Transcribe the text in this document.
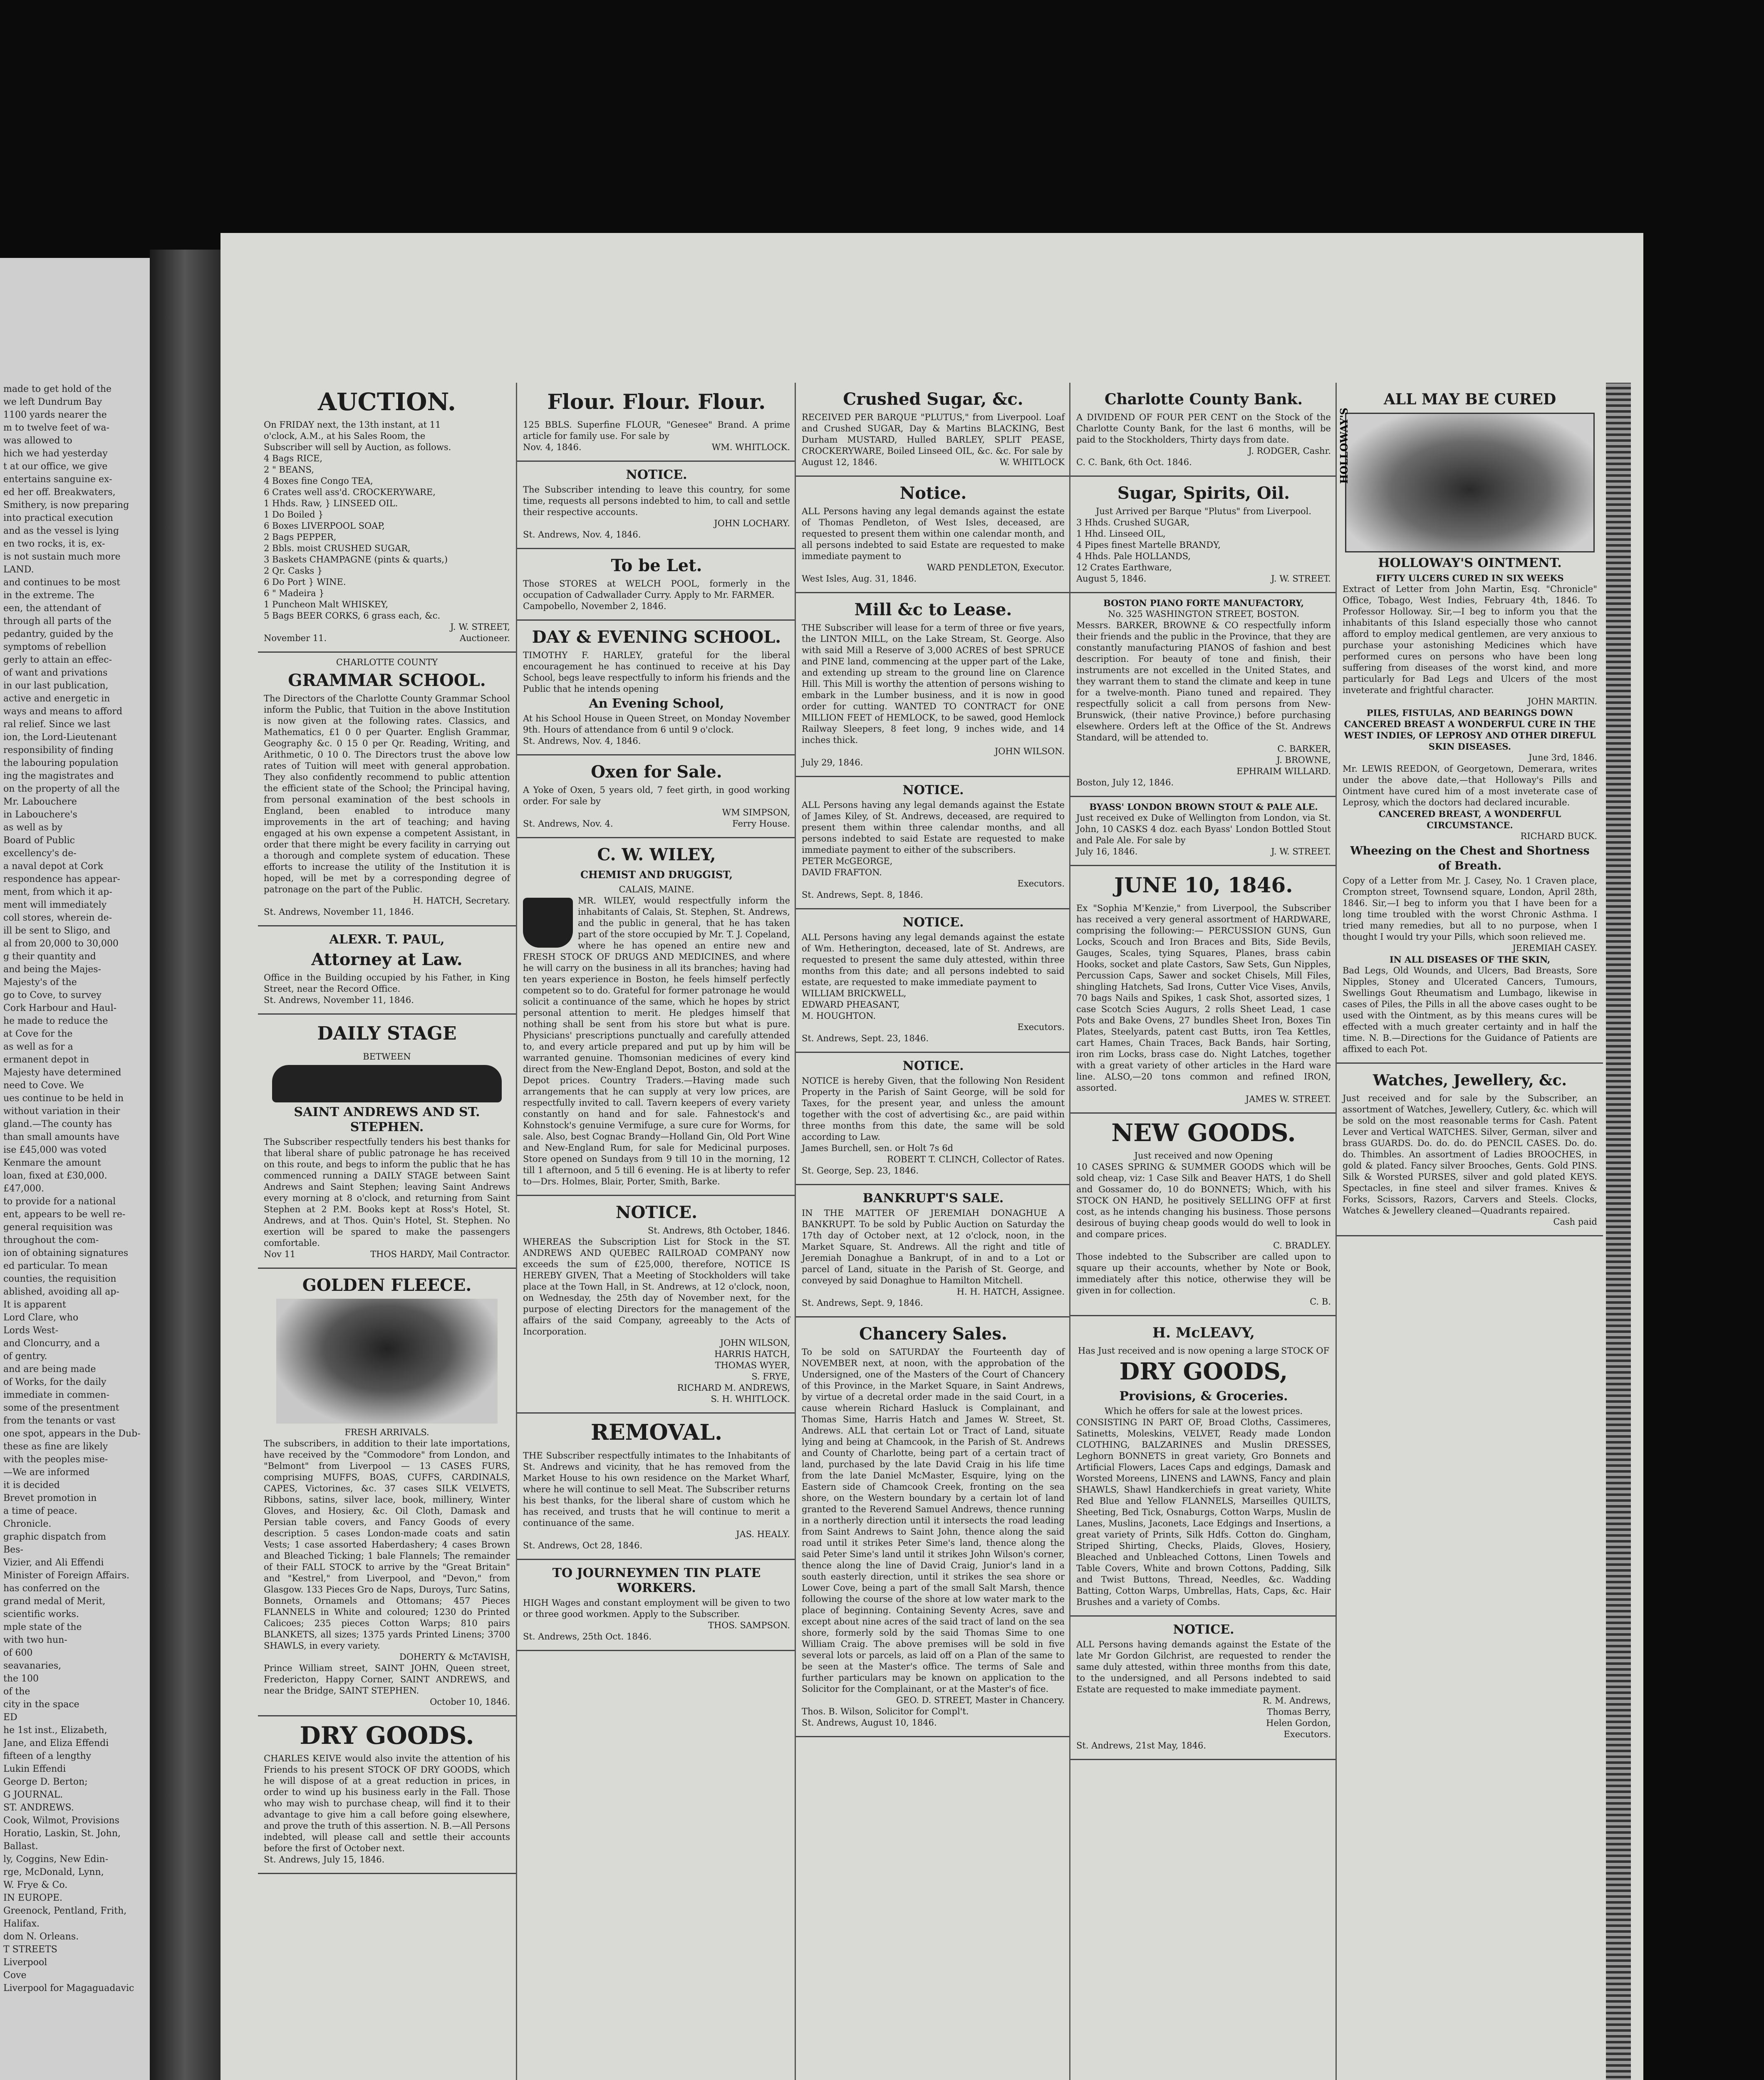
made to get hold of the
we left Dundrum Bay
1100 yards nearer the
m to twelve feet of wa-
was allowed to
hich we had yesterday
t at our office, we give
entertains sanguine ex-
ed her off. Breakwaters,
Smithery, is now preparing
into practical execution
and as the vessel is lying
en two rocks, it is, ex-
is not sustain much more
LAND.
and continues to be most
in the extreme. The
een, the attendant of
through all parts of the
pedantry, guided by the
symptoms of rebellion
gerly to attain an effec-
of want and privations
in our last publication,
active and energetic in
ways and means to afford
ral relief. Since we last
ion, the Lord-Lieutenant
responsibility of finding
the labouring population
ing the magistrates and
on the property of all the
Mr. Labouchere
in Labouchere's
as well as by
Board of Public
excellency's de-
a naval depot at Cork
respondence has appear-
ment, from which it ap-
ment will immediately
coll stores, wherein de-
ill be sent to Sligo, and
al from 20,000 to 30,000
g their quantity and
and being the Majes-
Majesty's of the
go to Cove, to survey
Cork Harbour and Haul-
he made to reduce the
at Cove for the
as well as for a
ermanent depot in
Majesty have determined
need to Cove. We
ues continue to be held in
without variation in their
gland.—The county has
than small amounts have
ise £45,000 was voted
Kenmare the amount
loan, fixed at £30,000.
£47,000.
to provide for a national
ent, appears to be well re-
general requisition was
throughout the com-
ion of obtaining signatures
ed particular. To mean
counties, the requisition
ablished, avoiding all ap-
It is apparent
Lord Clare, who
Lords West-
and Cloncurry, and a
of gentry.
and are being made
of Works, for the daily
immediate in commen-
some of the presentment
from the tenants or vast
one spot, appears in the Dub-
these as fine are likely
with the peoples mise-
—We are informed
it is decided
Brevet promotion in
a time of peace.
Chronicle.
graphic dispatch from
Bes-
Vizier, and Ali Effendi
Minister of Foreign Affairs.
has conferred on the
grand medal of Merit,
scientific works.
mple state of the
with two hun-
of 600
seavanaries,
the 100
of the
city in the space
ED
he 1st inst., Elizabeth,
Jane, and Eliza Effendi
fifteen of a lengthy
Lukin Effendi
George D. Berton;
G JOURNAL.
ST. ANDREWS.
Cook, Wilmot, Provisions
Horatio, Laskin, St. John,
Ballast.
ly, Coggins, New Edin-
rge, McDonald, Lynn,
W. Frye & Co.
IN EUROPE.
Greenock, Pentland, Frith,
Halifax.
dom N. Orleans.
T STREETS
Liverpool
Cove
Liverpool for Magaguadavic
AUCTION.
On FRIDAY next, the 13th instant, at 11
o'clock, A.M., at his Sales Room, the
Subscriber will sell by Auction, as follows.
4 Bags RICE,
2 " BEANS,
4 Boxes fine Congo TEA,
6 Crates well ass'd. CROCKERYWARE,
1 Hhds. Raw, } LINSEED OIL.
1 Do Boiled }
6 Boxes LIVERPOOL SOAP,
2 Bags PEPPER,
2 Bbls. moist CRUSHED SUGAR,
3 Baskets CHAMPAGNE (pints & quarts,)
2 Qr. Casks }
6 Do Port } WINE.
6 " Madeira }
1 Puncheon Malt WHISKEY,
5 Bags BEER CORKS, 6 grass each, &c.
J. W. STREET,
November 11.	Auctioneer.
CHARLOTTE COUNTY
GRAMMAR SCHOOL.
The Directors of the Charlotte County Grammar School inform the Public, that Tuition in the above Institution is now given at the following rates. Classics, and Mathematics, £1 0 0 per Quarter. English Grammar, Geography &c. 0 15 0 per Qr. Reading, Writing, and Arithmetic, 0 10 0. The Directors trust the above low rates of Tuition will meet with general approbation. They also confidently recommend to public attention the efficient state of the School; the Principal having, from personal examination of the best schools in England, been enabled to introduce many improvements in the art of teaching; and having engaged at his own expense a competent Assistant, in order that there might be every facility in carrying out a thorough and complete system of education. These efforts to increase the utility of the Institution it is hoped, will be met by a corresponding degree of patronage on the part of the Public.
H. HATCH, Secretary.
St. Andrews, November 11, 1846.
ALEXR. T. PAUL,
Attorney at Law.
Office in the Building occupied by his Father, in King Street, near the Record Office.
St. Andrews, November 11, 1846.
DAILY STAGE
BETWEEN
SAINT ANDREWS AND ST. STEPHEN.
The Subscriber respectfully tenders his best thanks for that liberal share of public patronage he has received on this route, and begs to inform the public that he has commenced running a DAILY STAGE between Saint Andrews and Saint Stephen; leaving Saint Andrews every morning at 8 o'clock, and returning from Saint Stephen at 2 P.M. Books kept at Ross's Hotel, St. Andrews, and at Thos. Quin's Hotel, St. Stephen. No exertion will be spared to make the passengers comfortable.
Nov 11	THOS HARDY, Mail Contractor.
GOLDEN FLEECE.
FRESH ARRIVALS.
The subscribers, in addition to their late importations, have received by the "Commodore" from London, and "Belmont" from Liverpool — 13 CASES FURS, comprising MUFFS, BOAS, CUFFS, CARDINALS, CAPES, Victorines, &c. 37 cases SILK VELVETS, Ribbons, satins, silver lace, book, millinery, Winter Gloves, and Hosiery, &c. Oil Cloth, Damask and Persian table covers, and Fancy Goods of every description. 5 cases London-made coats and satin Vests; 1 case assorted Haberdashery; 4 cases Brown and Bleached Ticking; 1 bale Flannels; The remainder of their FALL STOCK to arrive by the "Great Britain" and "Kestrel," from Liverpool, and "Devon," from Glasgow. 133 Pieces Gro de Naps, Duroys, Turc Satins, Bonnets, Ornamels and Ottomans; 457 Pieces FLANNELS in White and coloured; 1230 do Printed Calicoes; 235 pieces Cotton Warps; 810 pairs BLANKETS, all sizes; 1375 yards Printed Linens; 3700 SHAWLS, in every variety.
DOHERTY & McTAVISH,
Prince William street, SAINT JOHN, Queen street, Fredericton, Happy Corner, SAINT ANDREWS, and near the Bridge, SAINT STEPHEN.
October 10, 1846.
DRY GOODS.
CHARLES KEIVE would also invite the attention of his Friends to his present STOCK OF DRY GOODS, which he will dispose of at a great reduction in prices, in order to wind up his business early in the Fall. Those who may wish to purchase cheap, will find it to their advantage to give him a call before going elsewhere, and prove the truth of this assertion. N. B.—All Persons indebted, will please call and settle their accounts before the first of October next.
St. Andrews, July 15, 1846.
Flour. Flour. Flour.
125 BBLS. Superfine FLOUR, "Genesee" Brand. A prime article for family use. For sale by
Nov. 4, 1846.	WM. WHITLOCK.
NOTICE.
The Subscriber intending to leave this country, for some time, requests all persons indebted to him, to call and settle their respective accounts.
JOHN LOCHARY.
St. Andrews, Nov. 4, 1846.
To be Let.
Those STORES at WELCH POOL, formerly in the occupation of Cadwallader Curry. Apply to Mr. FARMER.
Campobello, November 2, 1846.
DAY & EVENING SCHOOL.
TIMOTHY F. HARLEY, grateful for the liberal encouragement he has continued to receive at his Day School, begs leave respectfully to inform his friends and the Public that he intends opening
An Evening School,
At his School House in Queen Street, on Monday November 9th. Hours of attendance from 6 until 9 o'clock.
St. Andrews, Nov. 4, 1846.
Oxen for Sale.
A Yoke of Oxen, 5 years old, 7 feet girth, in good working order. For sale by
WM SIMPSON,
St. Andrews, Nov. 4.	Ferry House.
C. W. WILEY,
CHEMIST AND DRUGGIST,
CALAIS, MAINE.
MR. WILEY, would respectfully inform the inhabitants of Calais, St. Stephen, St. Andrews, and the public in general, that he has taken part of the store occupied by Mr. T. J. Copeland, where he has opened an entire new and FRESH STOCK OF DRUGS AND MEDICINES, and where he will carry on the business in all its branches; having had ten years experience in Boston, he feels himself perfectly competent so to do. Grateful for former patronage he would solicit a continuance of the same, which he hopes by strict personal attention to merit. He pledges himself that nothing shall be sent from his store but what is pure. Physicians' prescriptions punctually and carefully attended to, and every article prepared and put up by him will be warranted genuine. Thomsonian medicines of every kind direct from the New-England Depot, Boston, and sold at the Depot prices. Country Traders.—Having made such arrangements that he can supply at very low prices, are respectfully invited to call. Tavern keepers of every variety constantly on hand and for sale. Fahnestock's and Kohnstock's genuine Vermifuge, a sure cure for Worms, for sale. Also, best Cognac Brandy—Holland Gin, Old Port Wine and New-England Rum, for sale for Medicinal purposes. Store opened on Sundays from 9 till 10 in the morning, 12 till 1 afternoon, and 5 till 6 evening. He is at liberty to refer to—Drs. Holmes, Blair, Porter, Smith, Barke.
NOTICE.
St. Andrews, 8th October, 1846.
WHEREAS the Subscription List for Stock in the ST. ANDREWS AND QUEBEC RAILROAD COMPANY now exceeds the sum of £25,000, therefore, NOTICE IS HEREBY GIVEN, That a Meeting of Stockholders will take place at the Town Hall, in St. Andrews, at 12 o'clock, noon, on Wednesday, the 25th day of November next, for the purpose of electing Directors for the management of the affairs of the said Company, agreeably to the Acts of Incorporation.
JOHN WILSON,
HARRIS HATCH,
THOMAS WYER,
S. FRYE,
RICHARD M. ANDREWS,
S. H. WHITLOCK.
REMOVAL.
THE Subscriber respectfully intimates to the Inhabitants of St. Andrews and vicinity, that he has removed from the Market House to his own residence on the Market Wharf, where he will continue to sell Meat. The Subscriber returns his best thanks, for the liberal share of custom which he has received, and trusts that he will continue to merit a continuance of the same.
JAS. HEALY.
St. Andrews, Oct 28, 1846.
TO JOURNEYMEN TIN PLATE WORKERS.
HIGH Wages and constant employment will be given to two or three good workmen. Apply to the Subscriber.
THOS. SAMPSON.
St. Andrews, 25th Oct. 1846.
Crushed Sugar, &c.
RECEIVED PER BARQUE "PLUTUS," from Liverpool. Loaf and Crushed SUGAR, Day & Martins BLACKING, Best Durham MUSTARD, Hulled BARLEY, SPLIT PEASE, CROCKERYWARE, Boiled Linseed OIL, &c. &c. For sale by
August 12, 1846.	W. WHITLOCK
Notice.
ALL Persons having any legal demands against the estate of Thomas Pendleton, of West Isles, deceased, are requested to present them within one calendar month, and all persons indebted to said Estate are requested to make immediate payment to
WARD PENDLETON, Executor.
West Isles, Aug. 31, 1846.
Mill &c to Lease.
THE Subscriber will lease for a term of three or five years, the LINTON MILL, on the Lake Stream, St. George. Also with said Mill a Reserve of 3,000 ACRES of best SPRUCE and PINE land, commencing at the upper part of the Lake, and extending up stream to the ground line on Clarence Hill. This Mill is worthy the attention of persons wishing to embark in the Lumber business, and it is now in good order for cutting. WANTED TO CONTRACT for ONE MILLION FEET of HEMLOCK, to be sawed, good Hemlock Railway Sleepers, 8 feet long, 9 inches wide, and 14 inches thick.
JOHN WILSON.
July 29, 1846.
NOTICE.
ALL Persons having any legal demands against the Estate of James Kiley, of St. Andrews, deceased, are required to present them within three calendar months, and all persons indebted to said Estate are requested to make immediate payment to either of the subscribers.
PETER McGEORGE,
DAVID FRAFTON.
Executors.
St. Andrews, Sept. 8, 1846.
NOTICE.
ALL Persons having any legal demands against the estate of Wm. Hetherington, deceased, late of St. Andrews, are requested to present the same duly attested, within three months from this date; and all persons indebted to said estate, are requested to make immediate payment to
WILLIAM BRICKWELL,
EDWARD PHEASANT,
M. HOUGHTON.
Executors.
St. Andrews, Sept. 23, 1846.
NOTICE.
NOTICE is hereby Given, that the following Non Resident Property in the Parish of Saint George, will be sold for Taxes, for the present year, and unless the amount together with the cost of advertising &c., are paid within three months from this date, the same will be sold according to Law.
James Burchell, sen. or Holt 7s 6d
ROBERT T. CLINCH, Collector of Rates.
St. George, Sep. 23, 1846.
BANKRUPT'S SALE.
IN THE MATTER OF JEREMIAH DONAGHUE A BANKRUPT. To be sold by Public Auction on Saturday the 17th day of October next, at 12 o'clock, noon, in the Market Square, St. Andrews. All the right and title of Jeremiah Donaghue a Bankrupt, of in and to a Lot or parcel of Land, situate in the Parish of St. George, and conveyed by said Donaghue to Hamilton Mitchell.
H. H. HATCH, Assignee.
St. Andrews, Sept. 9, 1846.
Chancery Sales.
To be sold on SATURDAY the Fourteenth day of NOVEMBER next, at noon, with the approbation of the Undersigned, one of the Masters of the Court of Chancery of this Province, in the Market Square, in Saint Andrews, by virtue of a decretal order made in the said Court, in a cause wherein Richard Hasluck is Complainant, and Thomas Sime, Harris Hatch and James W. Street, St. Andrews. ALL that certain Lot or Tract of Land, situate lying and being at Chamcook, in the Parish of St. Andrews and County of Charlotte, being part of a certain tract of land, purchased by the late David Craig in his life time from the late Daniel McMaster, Esquire, lying on the Eastern side of Chamcook Creek, fronting on the sea shore, on the Western boundary by a certain lot of land granted to the Reverend Samuel Andrews, thence running in a northerly direction until it intersects the road leading from Saint Andrews to Saint John, thence along the said road until it strikes Peter Sime's land, thence along the said Peter Sime's land until it strikes John Wilson's corner, thence along the line of David Craig, Junior's land in a south easterly direction, until it strikes the sea shore or Lower Cove, being a part of the small Salt Marsh, thence following the course of the shore at low water mark to the place of beginning. Containing Seventy Acres, save and except about nine acres of the said tract of land on the sea shore, formerly sold by the said Thomas Sime to one William Craig. The above premises will be sold in five several lots or parcels, as laid off on a Plan of the same to be seen at the Master's office. The terms of Sale and further particulars may be known on application to the Solicitor for the Complainant, or at the Master's of fice.
GEO. D. STREET, Master in Chancery.
Thos. B. Wilson, Solicitor for Compl't.
St. Andrews, August 10, 1846.
Charlotte County Bank.
A DIVIDEND OF FOUR PER CENT on the Stock of the Charlotte County Bank, for the last 6 months, will be paid to the Stockholders, Thirty days from date.
J. RODGER, Cashr.
C. C. Bank, 6th Oct. 1846.
Sugar, Spirits, Oil.
Just Arrived per Barque "Plutus" from Liverpool.
3 Hhds. Crushed SUGAR,
1 Hhd. Linseed OIL,
4 Pipes finest Martelle BRANDY,
4 Hhds. Pale HOLLANDS,
12 Crates Earthware,
August 5, 1846.	J. W. STREET.
BOSTON PIANO FORTE MANUFACTORY,
No. 325 WASHINGTON STREET, BOSTON.
Messrs. BARKER, BROWNE & CO respectfully inform their friends and the public in the Province, that they are constantly manufacturing PIANOS of fashion and best description. For beauty of tone and finish, their instruments are not excelled in the United States, and they warrant them to stand the climate and keep in tune for a twelve-month. Piano tuned and repaired. They respectfully solicit a call from persons from New-Brunswick, (their native Province,) before purchasing elsewhere. Orders left at the Office of the St. Andrews Standard, will be attended to.
C. BARKER,
J. BROWNE,
EPHRAIM WILLARD.
Boston, July 12, 1846.
BYASS' LONDON BROWN STOUT & PALE ALE.
Just received ex Duke of Wellington from London, via St. John, 10 CASKS 4 doz. each Byass' London Bottled Stout and Pale Ale. For sale by
July 16, 1846.	J. W. STREET.
JUNE 10, 1846.
Ex "Sophia M'Kenzie," from Liverpool, the Subscriber has received a very general assortment of HARDWARE, comprising the following:— PERCUSSION GUNS, Gun Locks, Scouch and Iron Braces and Bits, Side Bevils, Gauges, Scales, tying Squares, Planes, brass cabin Hooks, socket and plate Castors, Saw Sets, Gun Nipples, Percussion Caps, Sawer and socket Chisels, Mill Files, shingling Hatchets, Sad Irons, Cutter Vice Vises, Anvils, 70 bags Nails and Spikes, 1 cask Shot, assorted sizes, 1 case Scotch Scies Augurs, 2 rolls Sheet Lead, 1 case Pots and Bake Ovens, 27 bundles Sheet Iron, Boxes Tin Plates, Steelyards, patent cast Butts, iron Tea Kettles, cart Hames, Chain Traces, Back Bands, hair Sorting, iron rim Locks, brass case do. Night Latches, together with a great variety of other articles in the Hard ware line. ALSO,—20 tons common and refined IRON, assorted.
JAMES W. STREET.
NEW GOODS.
Just received and now Opening
10 CASES SPRING & SUMMER GOODS which will be sold cheap, viz: 1 Case Silk and Beaver HATS, 1 do Shell and Gossamer do, 10 do BONNETS; Which, with his STOCK ON HAND, he positively SELLING OFF at first cost, as he intends changing his business. Those persons desirous of buying cheap goods would do well to look in and compare prices.
C. BRADLEY.
Those indebted to the Subscriber are called upon to square up their accounts, whether by Note or Book, immediately after this notice, otherwise they will be given in for collection.
C. B.
H. McLEAVY,
Has Just received and is now opening a large STOCK OF
DRY GOODS,
Provisions, & Groceries.
Which he offers for sale at the lowest prices.
CONSISTING IN PART OF, Broad Cloths, Cassimeres, Satinetts, Moleskins, VELVET, Ready made London CLOTHING, BALZARINES and Muslin DRESSES, Leghorn BONNETS in great variety, Gro Bonnets and Artificial Flowers, Laces Caps and edgings, Damask and Worsted Moreens, LINENS and LAWNS, Fancy and plain SHAWLS, Shawl Handkerchiefs in great variety, White Red Blue and Yellow FLANNELS, Marseilles QUILTS, Sheeting, Bed Tick, Osnaburgs, Cotton Warps, Muslin de Lanes, Muslins, Jaconets, Lace Edgings and Insertions, a great variety of Prints, Silk Hdfs. Cotton do. Gingham, Striped Shirting, Checks, Plaids, Gloves, Hosiery, Bleached and Unbleached Cottons, Linen Towels and Table Covers, White and brown Cottons, Padding, Silk and Twist Buttons, Thread, Needles, &c. Wadding Batting, Cotton Warps, Umbrellas, Hats, Caps, &c. Hair Brushes and a variety of Combs.
NOTICE.
ALL Persons having demands against the Estate of the late Mr Gordon Gilchrist, are requested to render the same duly attested, within three months from this date, to the undersigned, and all Persons indebted to said Estate are requested to make immediate payment.
R. M. Andrews,
Thomas Berry,
Helen Gordon,
Executors.
St. Andrews, 21st May, 1846.
ALL MAY BE CURED
HOLLOWAY'S OINTMENT.
FIFTY ULCERS CURED IN SIX WEEKS
Extract of Letter from John Martin, Esq. "Chronicle" Office, Tobago, West Indies, February 4th, 1846. To Professor Holloway. Sir,—I beg to inform you that the inhabitants of this Island especially those who cannot afford to employ medical gentlemen, are very anxious to purchase your astonishing Medicines which have performed cures on persons who have been long suffering from diseases of the worst kind, and more particularly for Bad Legs and Ulcers of the most inveterate and frightful character.
JOHN MARTIN.
PILES, FISTULAS, AND BEARINGS DOWN
CANCERED BREAST A WONDERFUL CURE IN THE WEST INDIES, OF LEPROSY AND OTHER DIREFUL SKIN DISEASES.
June 3rd, 1846.
Mr. LEWIS REEDON, of Georgetown, Demerara, writes under the above date,—that Holloway's Pills and Ointment have cured him of a most inveterate case of Leprosy, which the doctors had declared incurable.
CANCERED BREAST, A WONDERFUL CIRCUMSTANCE.
RICHARD BUCK.
Wheezing on the Chest and Shortness of Breath.
Copy of a Letter from Mr. J. Casey, No. 1 Craven place, Crompton street, Townsend square, London, April 28th, 1846. Sir,—I beg to inform you that I have been for a long time troubled with the worst Chronic Asthma. I tried many remedies, but all to no purpose, when I thought I would try your Pills, which soon relieved me.
JEREMIAH CASEY.
IN ALL DISEASES OF THE SKIN,
Bad Legs, Old Wounds, and Ulcers, Bad Breasts, Sore Nipples, Stoney and Ulcerated Cancers, Tumours, Swellings Gout Rheumatism and Lumbago, likewise in cases of Piles, the Pills in all the above cases ought to be used with the Ointment, as by this means cures will be effected with a much greater certainty and in half the time. N. B.—Directions for the Guidance of Patients are affixed to each Pot.
Watches, Jewellery, &c.
Just received and for sale by the Subscriber, an assortment of Watches, Jewellery, Cutlery, &c. which will be sold on the most reasonable terms for Cash. Patent Lever and Vertical WATCHES. Silver, German, silver and brass GUARDS. Do. do. do. do PENCIL CASES. Do. do. do. Thimbles. An assortment of Ladies BROOCHES, in gold & plated. Fancy silver Brooches, Gents. Gold PINS. Silk & Worsted PURSES, silver and gold plated KEYS. Spectacles, in fine steel and silver frames. Knives & Forks, Scissors, Razors, Carvers and Steels. Clocks, Watches & Jewellery cleaned—Quadrants repaired.
Cash paid
HOLLOWAY'S
